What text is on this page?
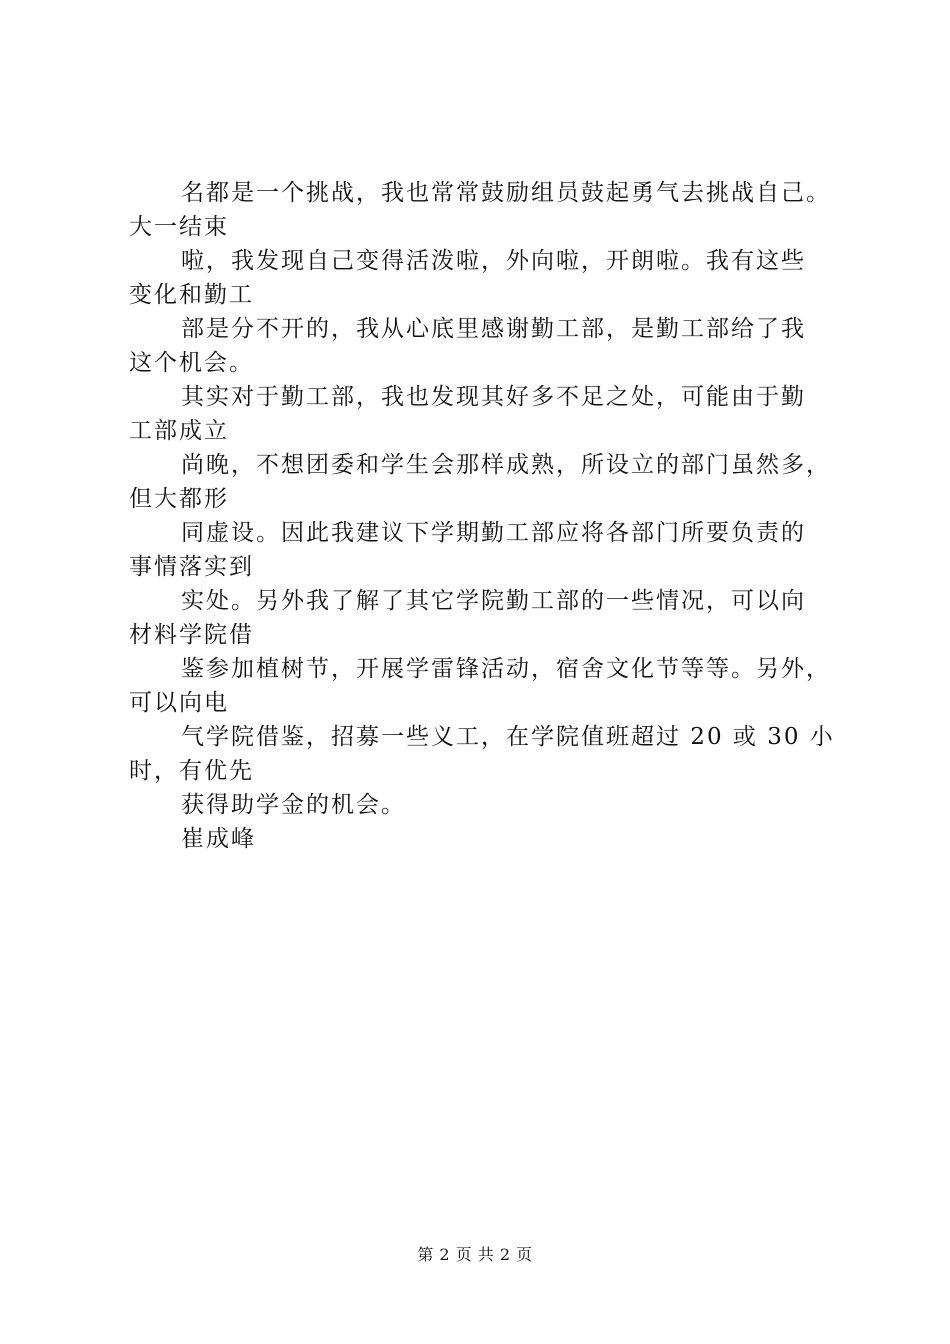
名都是一个挑战，我也常常鼓励组员鼓起勇气去挑战自己。
大一结束
啦，我发现自己变得活泼啦，外向啦，开朗啦。我有这些
变化和勤工
部是分不开的，我从心底里感谢勤工部，是勤工部给了我
这个机会。
其实对于勤工部，我也发现其好多不足之处，可能由于勤
工部成立
尚晚，不想团委和学生会那样成熟，所设立的部门虽然多，
但大都形
同虚设。因此我建议下学期勤工部应将各部门所要负责的
事情落实到
实处。另外我了解了其它学院勤工部的一些情况，可以向
材料学院借
鉴参加植树节，开展学雷锋活动，宿舍文化节等等。另外，
可以向电
气学院借鉴，招募一些义工，在学院值班超过 20 或 30 小
时，有优先
获得助学金的机会。
崔成峰
第 2 页 共 2 页
